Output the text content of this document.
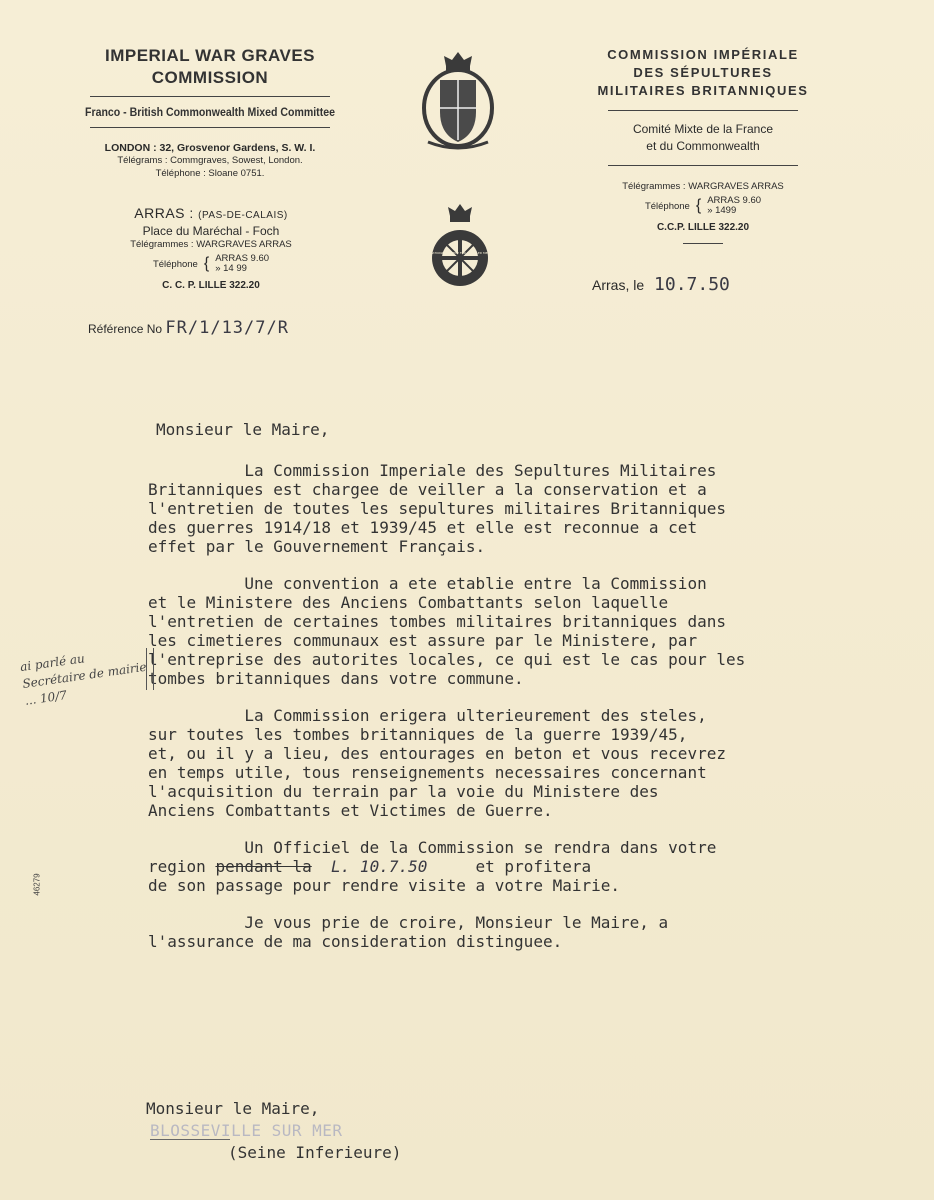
IMPERIAL WAR GRAVES
COMMISSION
Franco - British Commonwealth Mixed Committee
LONDON : 32, Grosvenor Gardens, S. W. I.
Télégrams : Commgraves, Sowest, London.
Téléphone : Sloane 0751.
ARRAS : (PAS-DE-CALAIS)
Place du Maréchal - Foch
Télégrammes : WARGRAVES ARRAS
Téléphone { ARRAS 9.60
» 14 99
C. C. P. LILLE 322.20
Référence No FR/1/13/7/R
NATIONAL SCHEME FOR DISABLED MEN
COMMISSION IMPÉRIALE
DES SÉPULTURES
MILITAIRES BRITANNIQUES
Comité Mixte de la France
et du Commonwealth
Télégrammes : WARGRAVES ARRAS
Téléphone { ARRAS 9.60
» 1499
C.C.P. LILLE 322.20
Arras, le 10.7.50

Monsieur le Maire,

La Commission Imperiale des Sepultures Militaires
Britanniques est chargee de veiller a la conservation et a
l'entretien de toutes les sepultures militaires Britanniques
des guerres 1914/18 et 1939/45 et elle est reconnue a cet
effet par le Gouvernement Français.

Une convention a ete etablie entre la Commission
et le Ministere des Anciens Combattants selon laquelle
l'entretien de certaines tombes militaires britanniques dans
les cimetieres communaux est assure par le Ministere, par
l'entreprise des autorites locales, ce qui est le cas pour les
tombes britanniques dans votre commune.

La Commission erigera ulterieurement des steles,
sur toutes les tombes britanniques de la guerre 1939/45,
et, ou il y a lieu, des entourages en beton et vous recevrez
en temps utile, tous renseignements necessaires concernant
l'acquisition du terrain par la voie du Ministere des
Anciens Combattants et Victimes de Guerre.

Un Officiel de la Commission se rendra dans votre
region pendant la  L. 10.7.50     et profitera
de son passage pour rendre visite a votre Mairie.

Je vous prie de croire, Monsieur le Maire, a
l'assurance de ma consideration distinguee.

ai parlé au Secrétaire de mairie ... 10/7
46279
Monsieur le Maire,
BLOSSEVILLE SUR MER
(Seine Inferieure)
